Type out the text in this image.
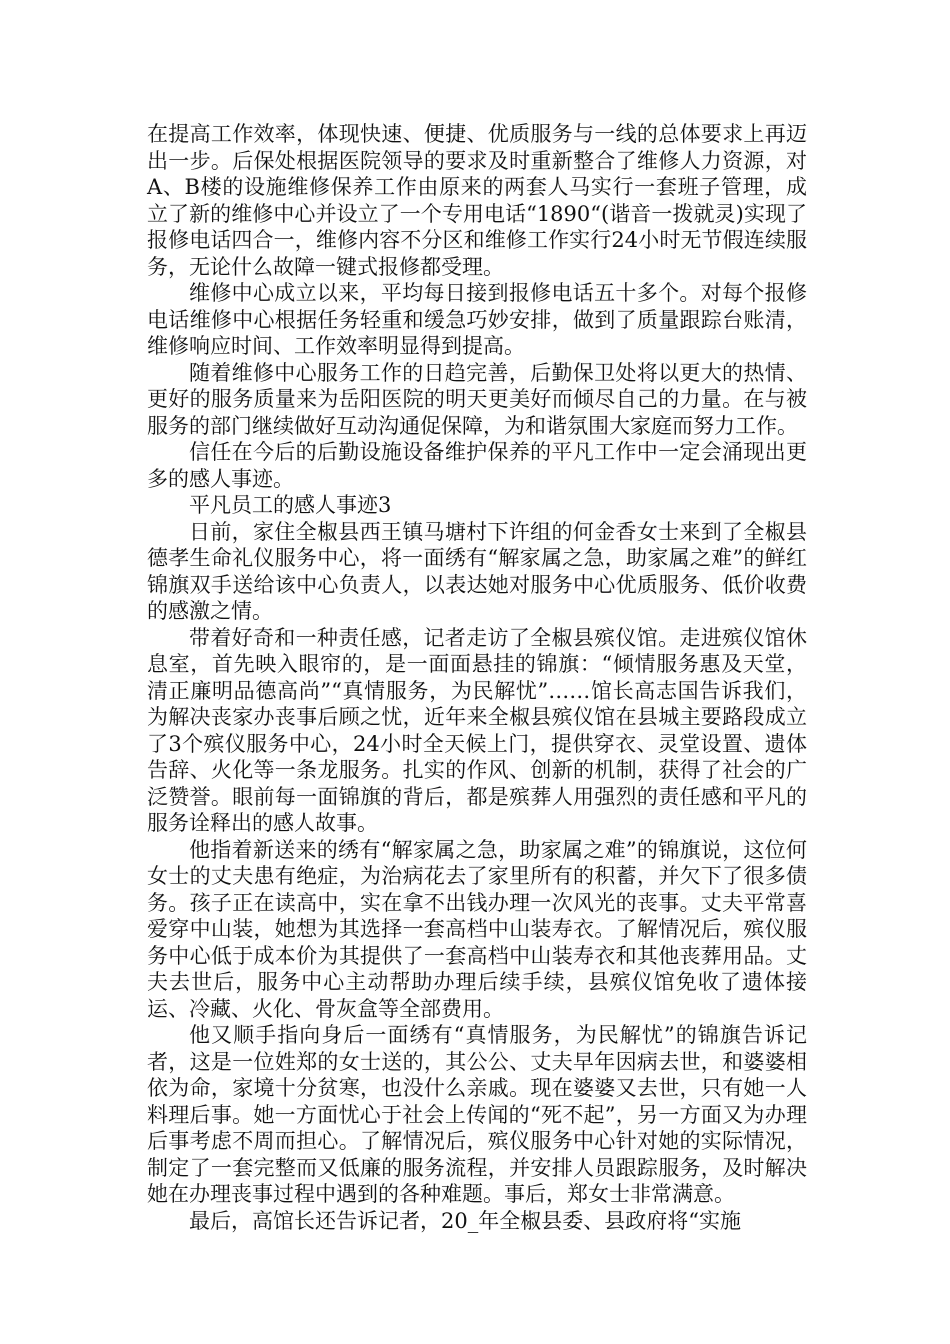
在提高工作效率，体现快速、便捷、优质服务与一线的总体要求上再迈出一步。后保处根据医院领导的要求及时重新整合了维修人力资源，对A、B楼的设施维修保养工作由原来的两套人马实行一套班子管理，成立了新的维修中心并设立了一个专用电话“1890“(谐音一拨就灵)实现了报修电话四合一，维修内容不分区和维修工作实行24小时无节假连续服务，无论什么故障一键式报修都受理。

维修中心成立以来，平均每日接到报修电话五十多个。对每个报修电话维修中心根据任务轻重和缓急巧妙安排，做到了质量跟踪台账清，维修响应时间、工作效率明显得到提高。

随着维修中心服务工作的日趋完善，后勤保卫处将以更大的热情、更好的服务质量来为岳阳医院的明天更美好而倾尽自己的力量。在与被服务的部门继续做好互动沟通促保障，为和谐氛围大家庭而努力工作。

信任在今后的后勤设施设备维护保养的平凡工作中一定会涌现出更多的感人事迹。

平凡员工的感人事迹3

日前，家住全椒县西王镇马塘村下许组的何金香女士来到了全椒县德孝生命礼仪服务中心，将一面绣有“解家属之急，助家属之难”的鲜红锦旗双手送给该中心负责人，以表达她对服务中心优质服务、低价收费的感激之情。

带着好奇和一种责任感，记者走访了全椒县殡仪馆。走进殡仪馆休息室，首先映入眼帘的，是一面面悬挂的锦旗：“倾情服务惠及天堂，清正廉明品德高尚”“真情服务，为民解忧”……馆长高志国告诉我们，为解决丧家办丧事后顾之忧，近年来全椒县殡仪馆在县城主要路段成立了3个殡仪服务中心，24小时全天候上门，提供穿衣、灵堂设置、遗体告辞、火化等一条龙服务。扎实的作风、创新的机制，获得了社会的广泛赞誉。眼前每一面锦旗的背后，都是殡葬人用强烈的责任感和平凡的服务诠释出的感人故事。

他指着新送来的绣有“解家属之急，助家属之难”的锦旗说，这位何女士的丈夫患有绝症，为治病花去了家里所有的积蓄，并欠下了很多债务。孩子正在读高中，实在拿不出钱办理一次风光的丧事。丈夫平常喜爱穿中山装，她想为其选择一套高档中山装寿衣。了解情况后，殡仪服务中心低于成本价为其提供了一套高档中山装寿衣和其他丧葬用品。丈夫去世后，服务中心主动帮助办理后续手续，县殡仪馆免收了遗体接运、冷藏、火化、骨灰盒等全部费用。

他又顺手指向身后一面绣有“真情服务，为民解忧”的锦旗告诉记者，这是一位姓郑的女士送的，其公公、丈夫早年因病去世，和婆婆相依为命，家境十分贫寒，也没什么亲戚。现在婆婆又去世，只有她一人料理后事。她一方面忧心于社会上传闻的“死不起”，另一方面又为办理后事考虑不周而担心。了解情况后，殡仪服务中心针对她的实际情况，制定了一套完整而又低廉的服务流程，并安排人员跟踪服务，及时解决她在办理丧事过程中遇到的各种难题。事后，郑女士非常满意。

最后，高馆长还告诉记者，20_年全椒县委、县政府将“实施
